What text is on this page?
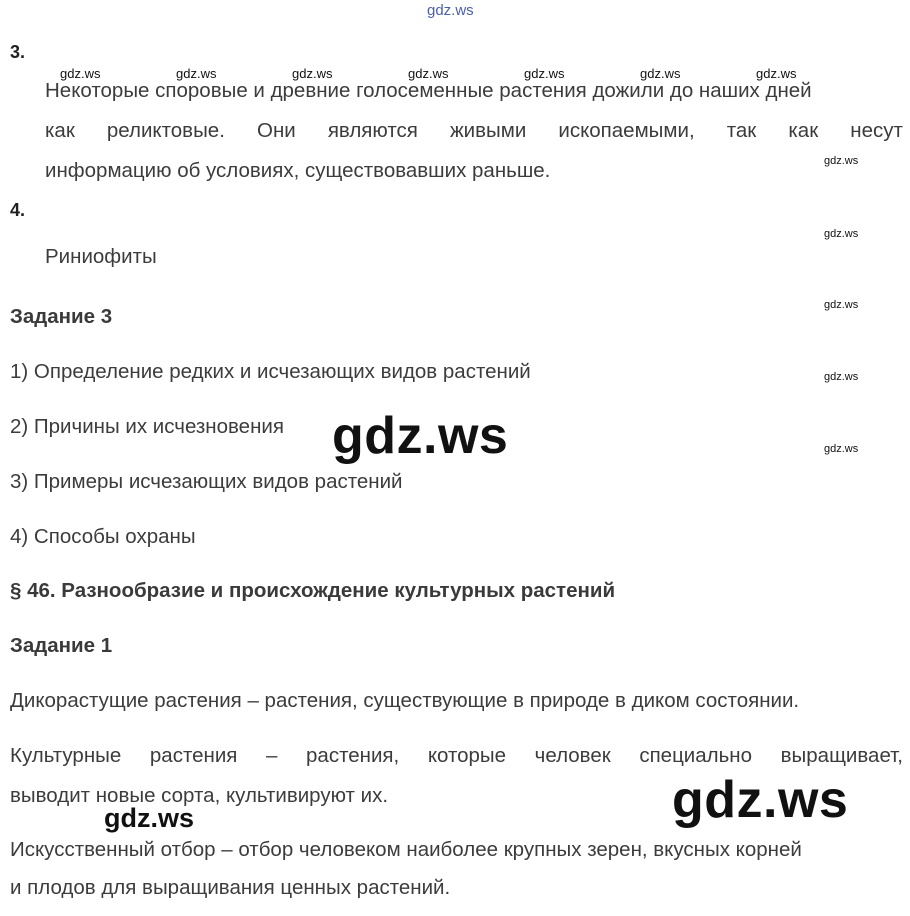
gdz.ws
gdz.ws	gdz.ws	gdz.ws	gdz.ws	gdz.ws	gdz.ws	gdz.ws
gdz.ws
gdz.ws
gdz.ws
gdz.ws
gdz.ws
3.
Некоторые споровые и древние голосеменные растения дожили до наших дней
как реликтовые. Они являются живыми ископаемыми, так как несут
информацию об условиях, существовавших раньше.
4.
Риниофиты
Задание 3
1) Определение редких и исчезающих видов растений
2) Причины их исчезновения
3) Примеры исчезающих видов растений
4) Способы охраны
gdz.ws
§ 46. Разнообразие и происхождение культурных растений
Задание 1
Дикорастущие растения – растения, существующие в природе в диком состоянии.
Культурные растения – растения, которые человек специально выращивает,
выводит новые сорта, культивируют их.	gdz.ws
gdz.ws
Искусственный отбор – отбор человеком наиболее крупных зерен, вкусных корней
и плодов для выращивания ценных растений.
